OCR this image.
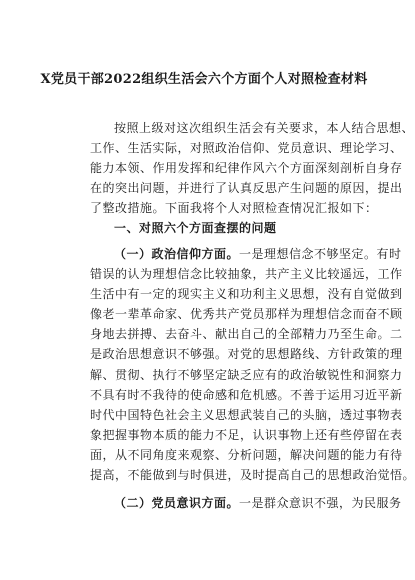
X党员干部2022组织生活会六个方面个人对照检查材料
按照上级对这次组织生活会有关要求，本人结合思想、
工作、生活实际，对照政治信仰、党员意识、理论学习、
能力本领、作用发挥和纪律作风六个方面深刻剖析自身存
在的突出问题，并进行了认真反思产生问题的原因，提出
了整改措施。下面我将个人对照检查情况汇报如下：
一、对照六个方面查摆的问题
（一）政治信仰方面。一是理想信念不够坚定。有时
错误的认为理想信念比较抽象，共产主义比较遥远，工作
生活中有一定的现实主义和功利主义思想，没有自觉做到
像老一辈革命家、优秀共产党员那样为理想信念而奋不顾
身地去拼搏、去奋斗、献出自己的全部精力乃至生命。二
是政治思想意识不够强。对党的思想路线、方针政策的理
解、贯彻、执行不够坚定缺乏应有的政治敏锐性和洞察力
不具有时不我待的使命感和危机感。不善于运用习近平新
时代中国特色社会主义思想武装自己的头脑，透过事物表
象把握事物本质的能力不足，认识事物上还有些停留在表
面，从不同角度来观察、分析问题，解决问题的能力有待
提高，不能做到与时俱进，及时提高自己的思想政治觉悟。
（二）党员意识方面。一是群众意识不强，为民服务
